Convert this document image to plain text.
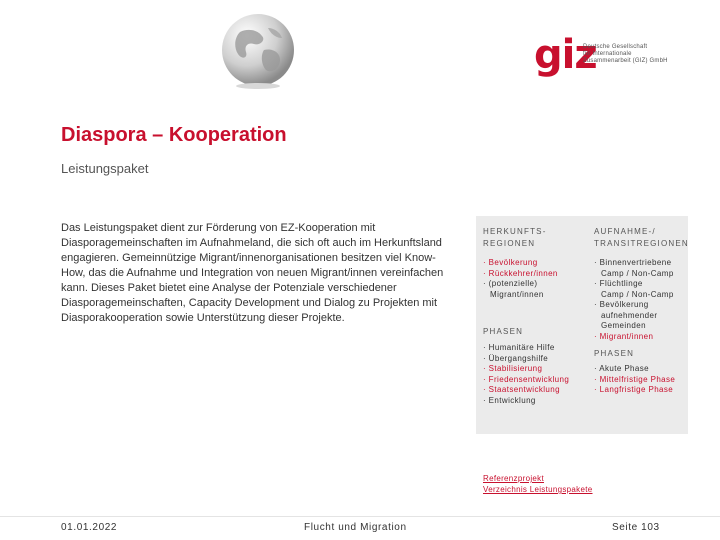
giz
Deutsche Gesellschaft
für Internationale
Zusammenarbeit (GIZ) GmbH
Diaspora – Kooperation
Leistungspaket
Das Leistungspaket dient zur Förderung von EZ-Kooperation mit Diasporagemeinschaften im Aufnahmeland, die sich oft auch im Herkunftsland engagieren. Gemeinnützige Migrant/innenorganisationen besitzen viel Know-How, das die Aufnahme und Integration von neuen Migrant/innen vereinfachen kann. Dieses Paket bietet eine Analyse der Potenziale verschiedener Diasporagemeinschaften, Capacity Development und Dialog zu Projekten mit Diasporakooperation sowie Unterstützung dieser Projekte.
HERKUNFTS-
REGIONEN
· Bevölkerung
· Rückkehrer/innen
· (potenzielle)
Migrant/innen
PHASEN
· Humanitäre Hilfe
· Übergangshilfe
· Stabilisierung
· Friedensentwicklung
· Staatsentwicklung
· Entwicklung
AUFNAHME-/
TRANSITREGIONEN
· Binnenvertriebene
Camp / Non-Camp
· Flüchtlinge
Camp / Non-Camp
· Bevölkerung
aufnehmender
Gemeinden
· Migrant/innen
PHASEN
· Akute Phase
· Mittelfristige Phase
· Langfristige Phase
Referenzprojekt
Verzeichnis Leistungspakete
01.01.2022	Flucht und Migration	Seite 103
